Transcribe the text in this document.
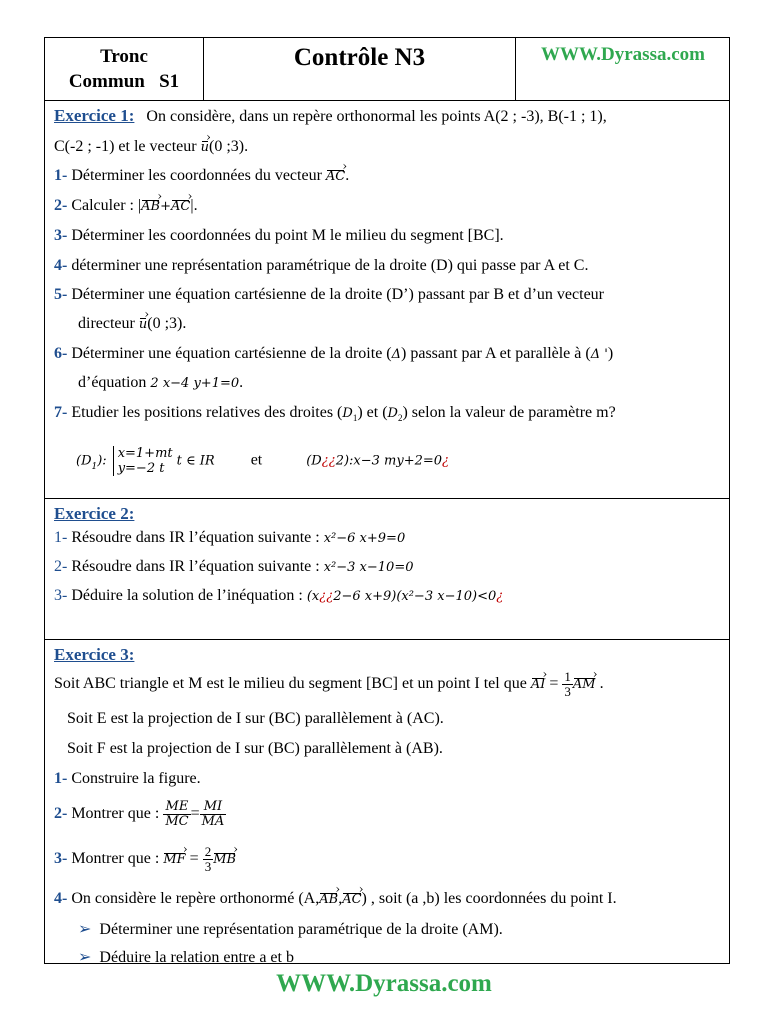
Tronc
Commun   S1
Contrôle N3	WWW.Dyrassa.com
Exercice 1: On considère, dans un repère orthonormal les points A(2 ; -3), B(-1 ; 1),
C(-2 ; -1) et le vecteur u ›(0 ;3).
1- Déterminer les coordonnées du vecteur AC ›.
2- Calculer : |AB ›+AC ›|.
3- Déterminer les coordonnées du point M le milieu du segment [BC].
4- déterminer une représentation paramétrique de la droite (D) qui passe par A et C.
5- Déterminer une équation cartésienne de la droite (D’) passant par B et d’un vecteur
directeur u ›(0 ;3).
6- Déterminer une équation cartésienne de la droite (Δ) passant par A et parallèle à (Δ ')
d’équation 2 x−4 y+1=0.
7- Etudier les positions relatives des droites $(D_1)$ et $(D_2)$ selon la valeur de paramètre m?
$(D_1)$:
x=1+mt
y=−2 t t ∈ IR et	(D¿¿2):x−3 my+2=0¿
Exercice 2:
1- Résoudre dans IR l’équation suivante : x²−6 x+9=0
2- Résoudre dans IR l’équation suivante : x²−3 x−10=0
3- Déduire la solution de l’inéquation : (x¿¿2−6 x+9)(x²−3 x−10)<0¿
Exercice 3:
Soit ABC triangle et M est le milieu du segment [BC] et un point I tel que AI › = $\frac{1}{3}$ AM › .
Soit E est la projection de I sur (BC) parallèlement à (AC).
Soit F est la projection de I sur (BC) parallèlement à (AB).
1- Construire la figure.
2- Montrer que : $\frac{ME}{MC} = \frac{MI}{MA}$
3- Montrer que : MF › = $\frac{2}{3}$ MB ›
4- On considère le repère orthonormé (A,AB ›,AC ›) , soit (a ,b) les coordonnées du point I.
➢ Déterminer une représentation paramétrique de la droite (AM).
➢ Déduire la relation entre a et b
WWW.Dyrassa.com
